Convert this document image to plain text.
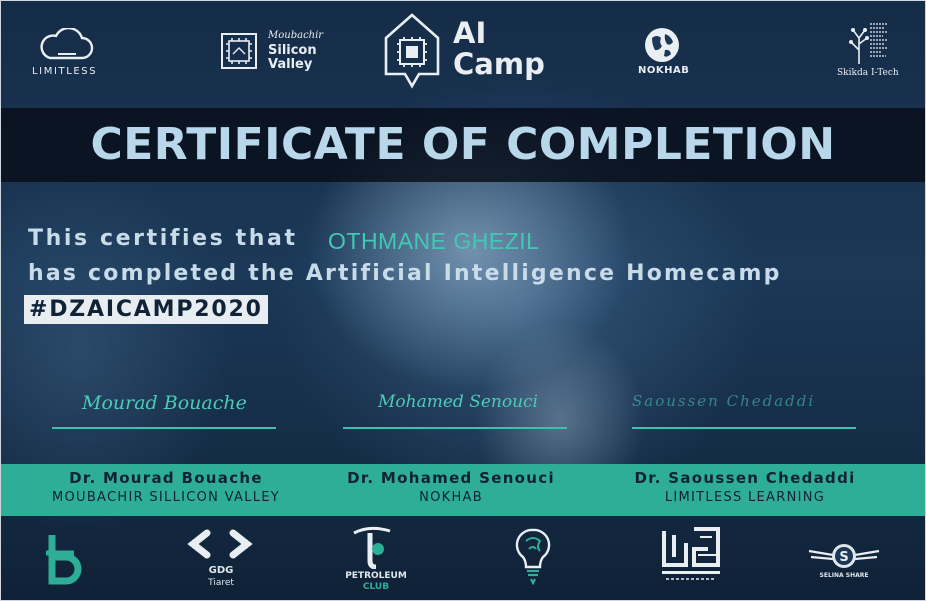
LIMITLESS
Moubachir
Silicon
Valley
AI
Camp	NOKHAB	Skikda I-Tech
CERTIFICATE OF COMPLETION
This certifies that OTHMANE GHEZIL
has completed the Artificial Intelligence Homecamp
#DZAICAMP2020
Mourad Bouache	Mohamed Senouci	Saoussen Chedaddi
Dr. Mourad Bouache
MOUBACHIR SILLICON VALLEY
Dr. Mohamed Senouci
NOKHAB
Dr. Saoussen Chedaddi
LIMITLESS LEARNING
GDG
Tiaret
PETROLEUM
CLUB
S
SELINA SHARE
